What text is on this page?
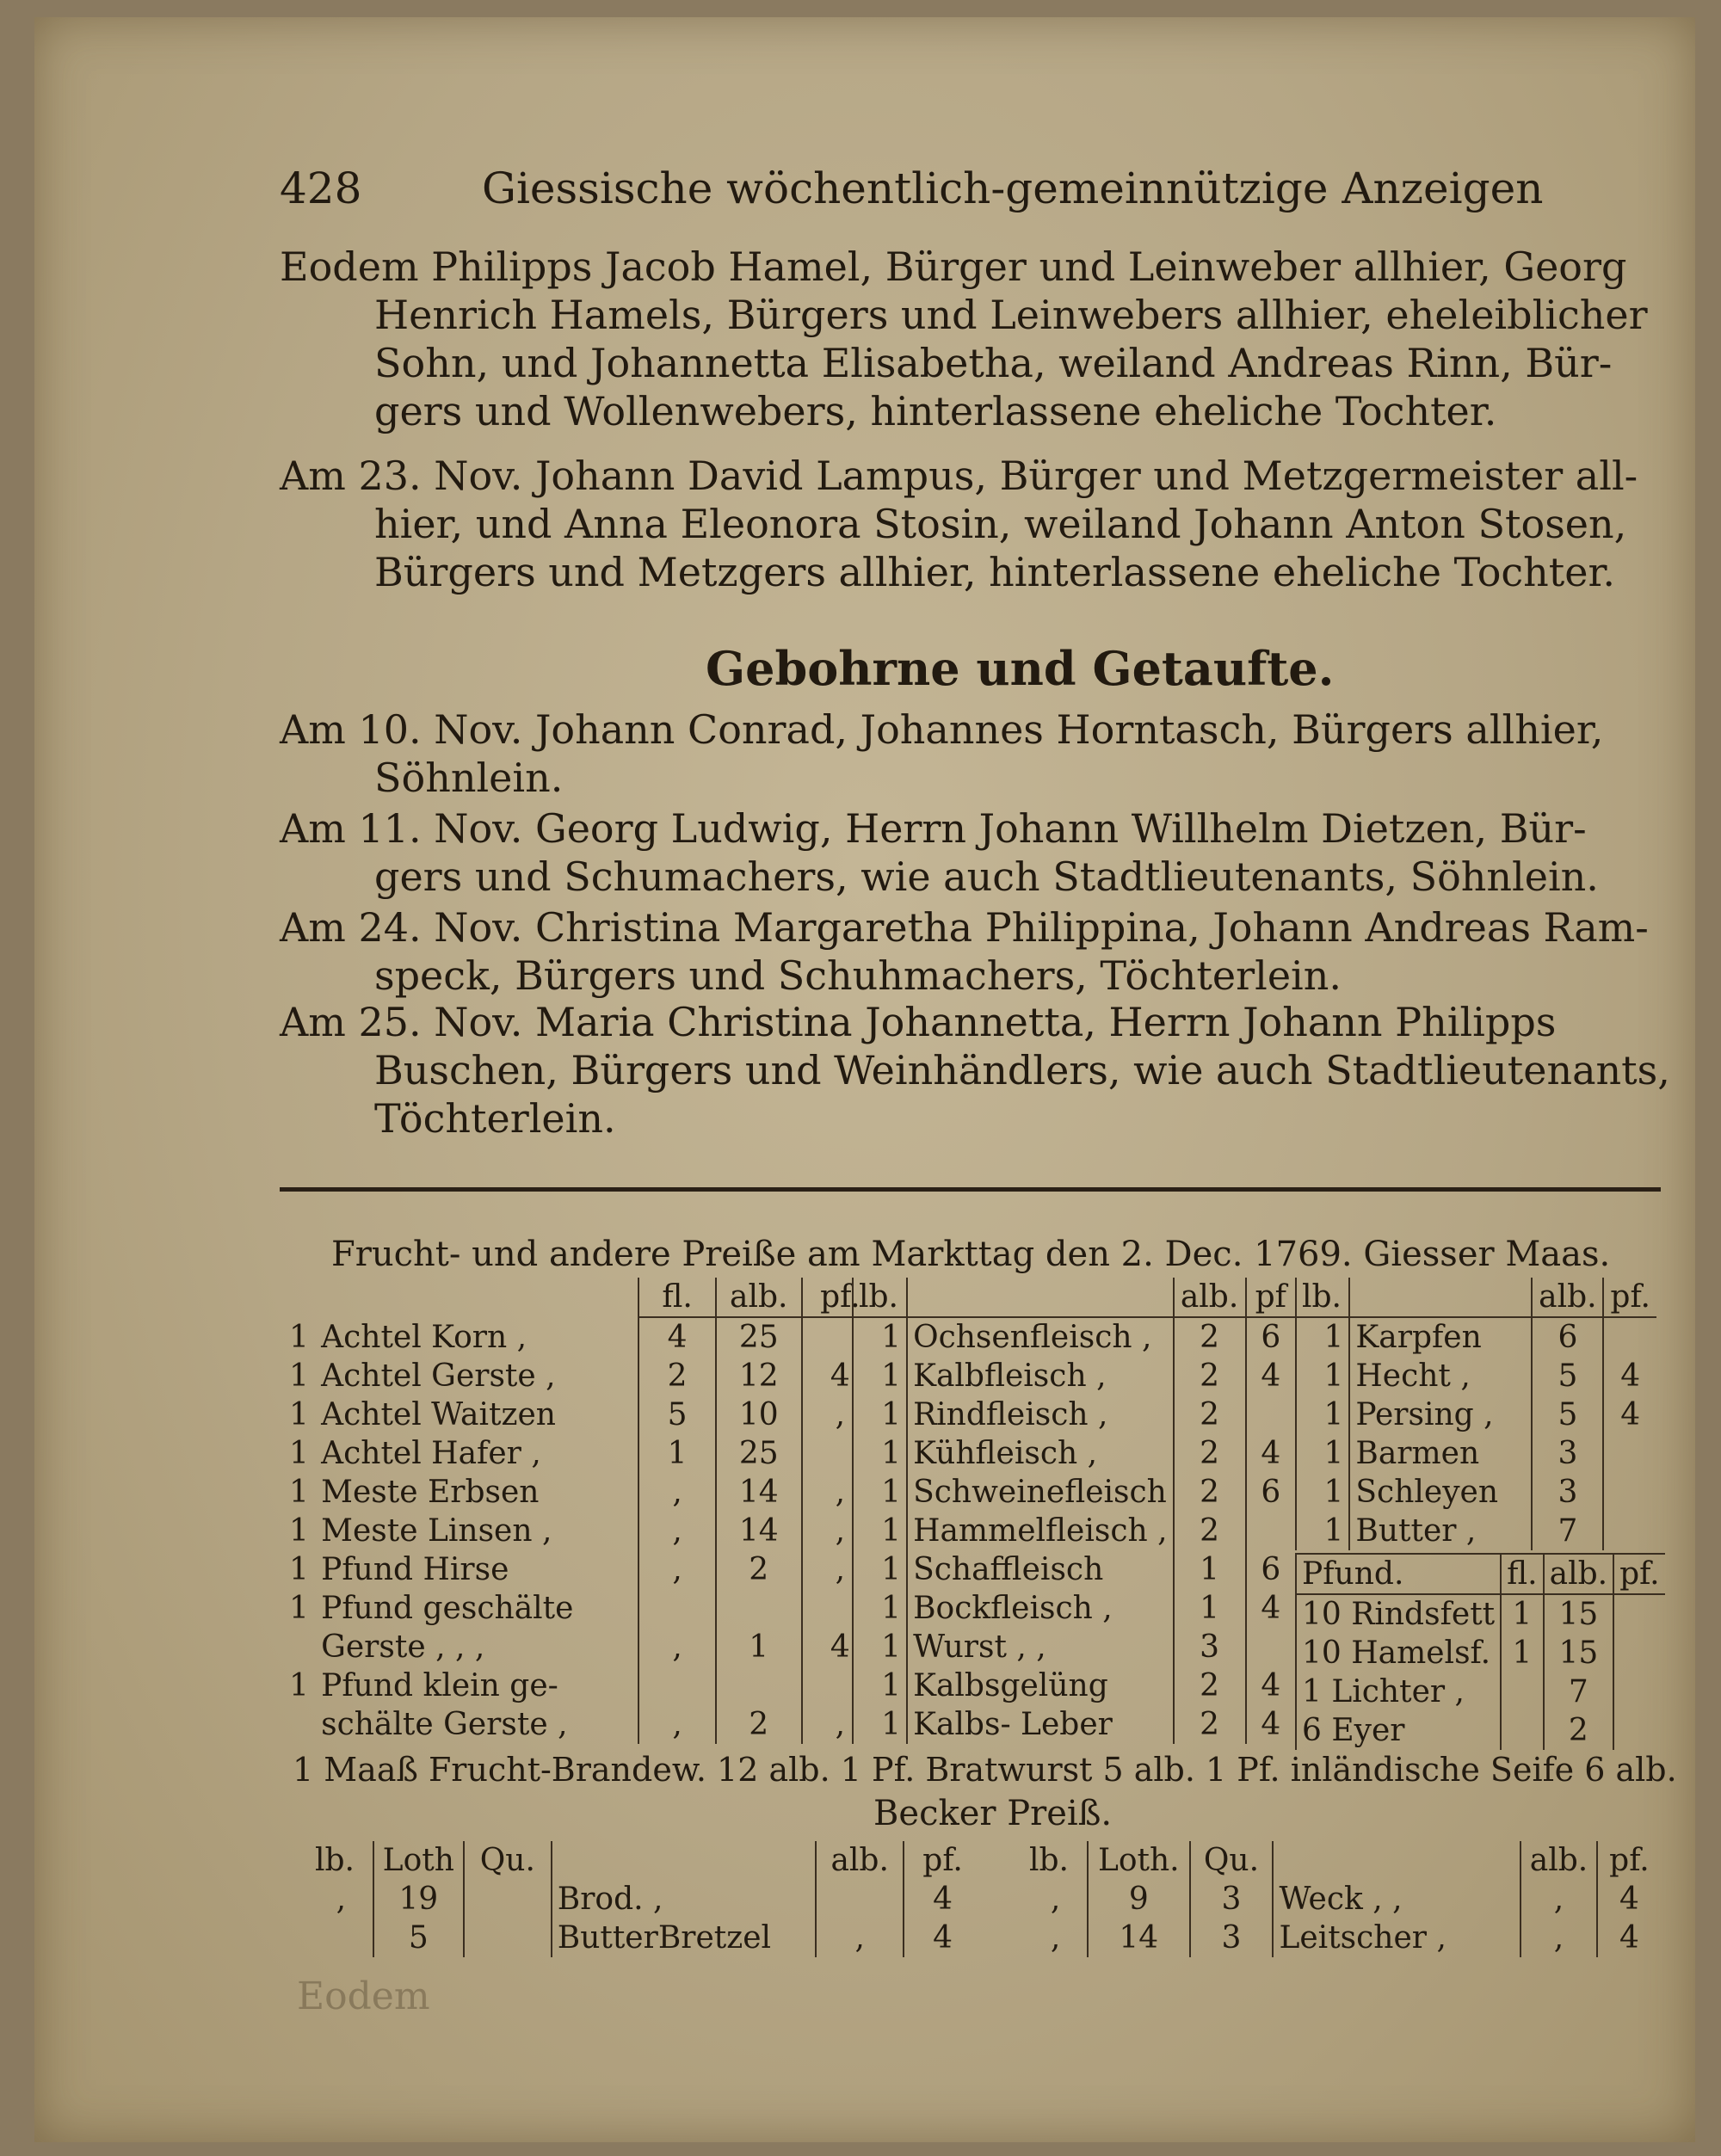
428	Giessische wöchentlich-gemeinnützige Anzeigen
Eodem Philipps Jacob Hamel, Bürger und Leinweber allhier, Georg
Henrich Hamels, Bürgers und Leinwebers allhier, eheleiblicher
Sohn, und Johannetta Elisabetha, weiland Andreas Rinn, Bür-
gers und Wollenwebers, hinterlassene eheliche Tochter.
Am 23. Nov. Johann David Lampus, Bürger und Metzgermeister all-
hier, und Anna Eleonora Stosin, weiland Johann Anton Stosen,
Bürgers und Metzgers allhier, hinterlassene eheliche Tochter.
Gebohrne und Getaufte.
Am 10. Nov. Johann Conrad, Johannes Horntasch, Bürgers allhier,
Söhnlein.
Am 11. Nov. Georg Ludwig, Herrn Johann Willhelm Dietzen, Bür-
gers und Schumachers, wie auch Stadtlieutenants, Söhnlein.
Am 24. Nov. Christina Margaretha Philippina, Johann Andreas Ram-
speck, Bürgers und Schuhmachers, Töchterlein.
Am 25. Nov. Maria Christina Johannetta, Herrn Johann Philipps
Buschen, Bürgers und Weinhändlers, wie auch Stadtlieutenants,
Töchterlein.
Frucht- und andere Preiße am Markttag den 2. Dec. 1769. Giesser Maas.
		fl.	alb.	pf.
1	Achtel Korn ,	4	25	
1	Achtel Gerste ,	2	12	4
1	Achtel Waitzen	5	10	,
1	Achtel Hafer ,	1	25	
1	Meste Erbsen	,	14	,
1	Meste Linsen ,	,	14	,
1	Pfund Hirse	,	2	,
1	Pfund geschälte			
	Gerste , , ,	,	1	4
1	Pfund klein ge-			
	schälte Gerste ,	,	2	,
lb.		alb.	pf
1	Ochsenfleisch ,	2	6
1	Kalbfleisch ,	2	4
1	Rindfleisch ,	2	
1	Kühfleisch ,	2	4
1	Schweinefleisch	2	6
1	Hammelfleisch ,	2	
1	Schaffleisch	1	6
1	Bockfleisch ,	1	4
1	Wurst , ,	3	
1	Kalbsgelüng	2	4
1	Kalbs- Leber	2	4
lb.		alb.	pf.
1	Karpfen	6	
1	Hecht ,	5	4
1	Persing ,	5	4
1	Barmen	3	
1	Schleyen	3	
1	Butter ,	7	
Pfund.	fl.	alb.	pf.
10 Rindsfett	1	15	
10 Hamelsf.	1	15	
1 Lichter ,		7	
6 Eyer		2	
1 Maaß Frucht-Brandew. 12 alb. 1 Pf. Bratwurst 5 alb. 1 Pf. inländische Seife 6 alb.
Becker Preiß.
lb.	Loth	Qu.		alb.	pf.
,	19		Brod. ,		4
	5		ButterBretzel	,	4
lb.	Loth.	Qu.		alb.	pf.
,	9	3	Weck , ,	,	4
,	14	3	Leitscher ,	,	4
Eodem
